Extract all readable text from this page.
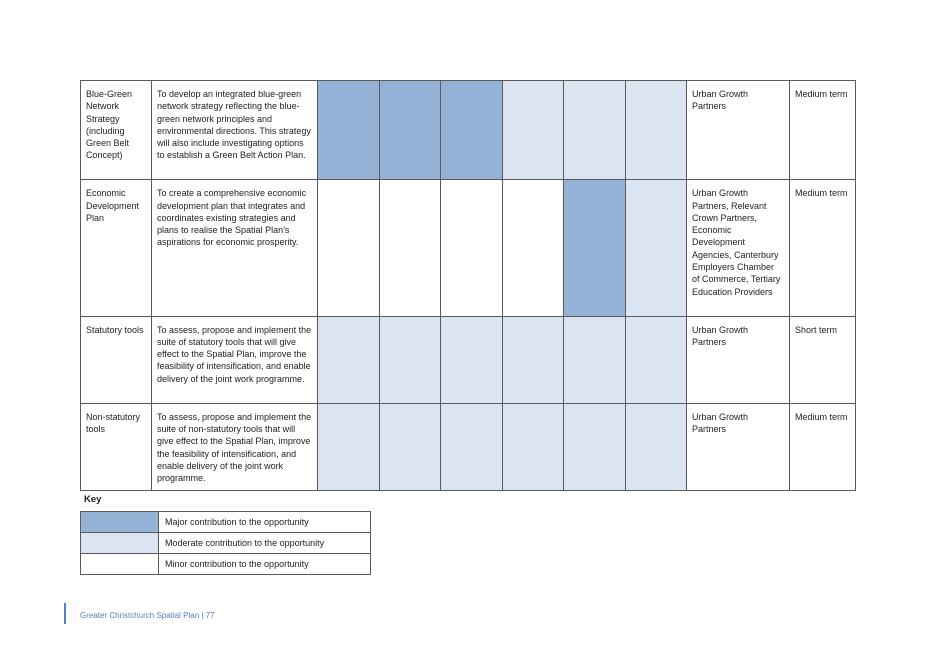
Blue-Green Network Strategy (including Green Belt Concept)	To develop an integrated blue-green network strategy reflecting the blue-green network principles and environmental directions. This strategy will also include investigating options to establish a Green Belt Action Plan.							Urban Growth Partners	Medium term
Economic Development Plan	To create a comprehensive economic development plan that integrates and coordinates existing strategies and plans to realise the Spatial Plan’s aspirations for economic prosperity.							Urban Growth Partners, Relevant Crown Partners, Economic Development Agencies, Canterbury Employers Chamber of Commerce, Tertiary Education Providers	Medium term
Statutory tools	To assess, propose and implement the suite of statutory tools that will give effect to the Spatial Plan, improve the feasibility of intensification, and enable delivery of the joint work programme.							Urban Growth Partners	Short term
Non-statutory tools	To assess, propose and implement the suite of non-statutory tools that will give effect to the Spatial Plan, improve the feasibility of intensification, and enable delivery of the joint work programme.							Urban Growth Partners	Medium term
Key
	Major contribution to the opportunity
	Moderate contribution to the opportunity
	Minor contribution to the opportunity
Greater Christchurch Spatial Plan | 77
